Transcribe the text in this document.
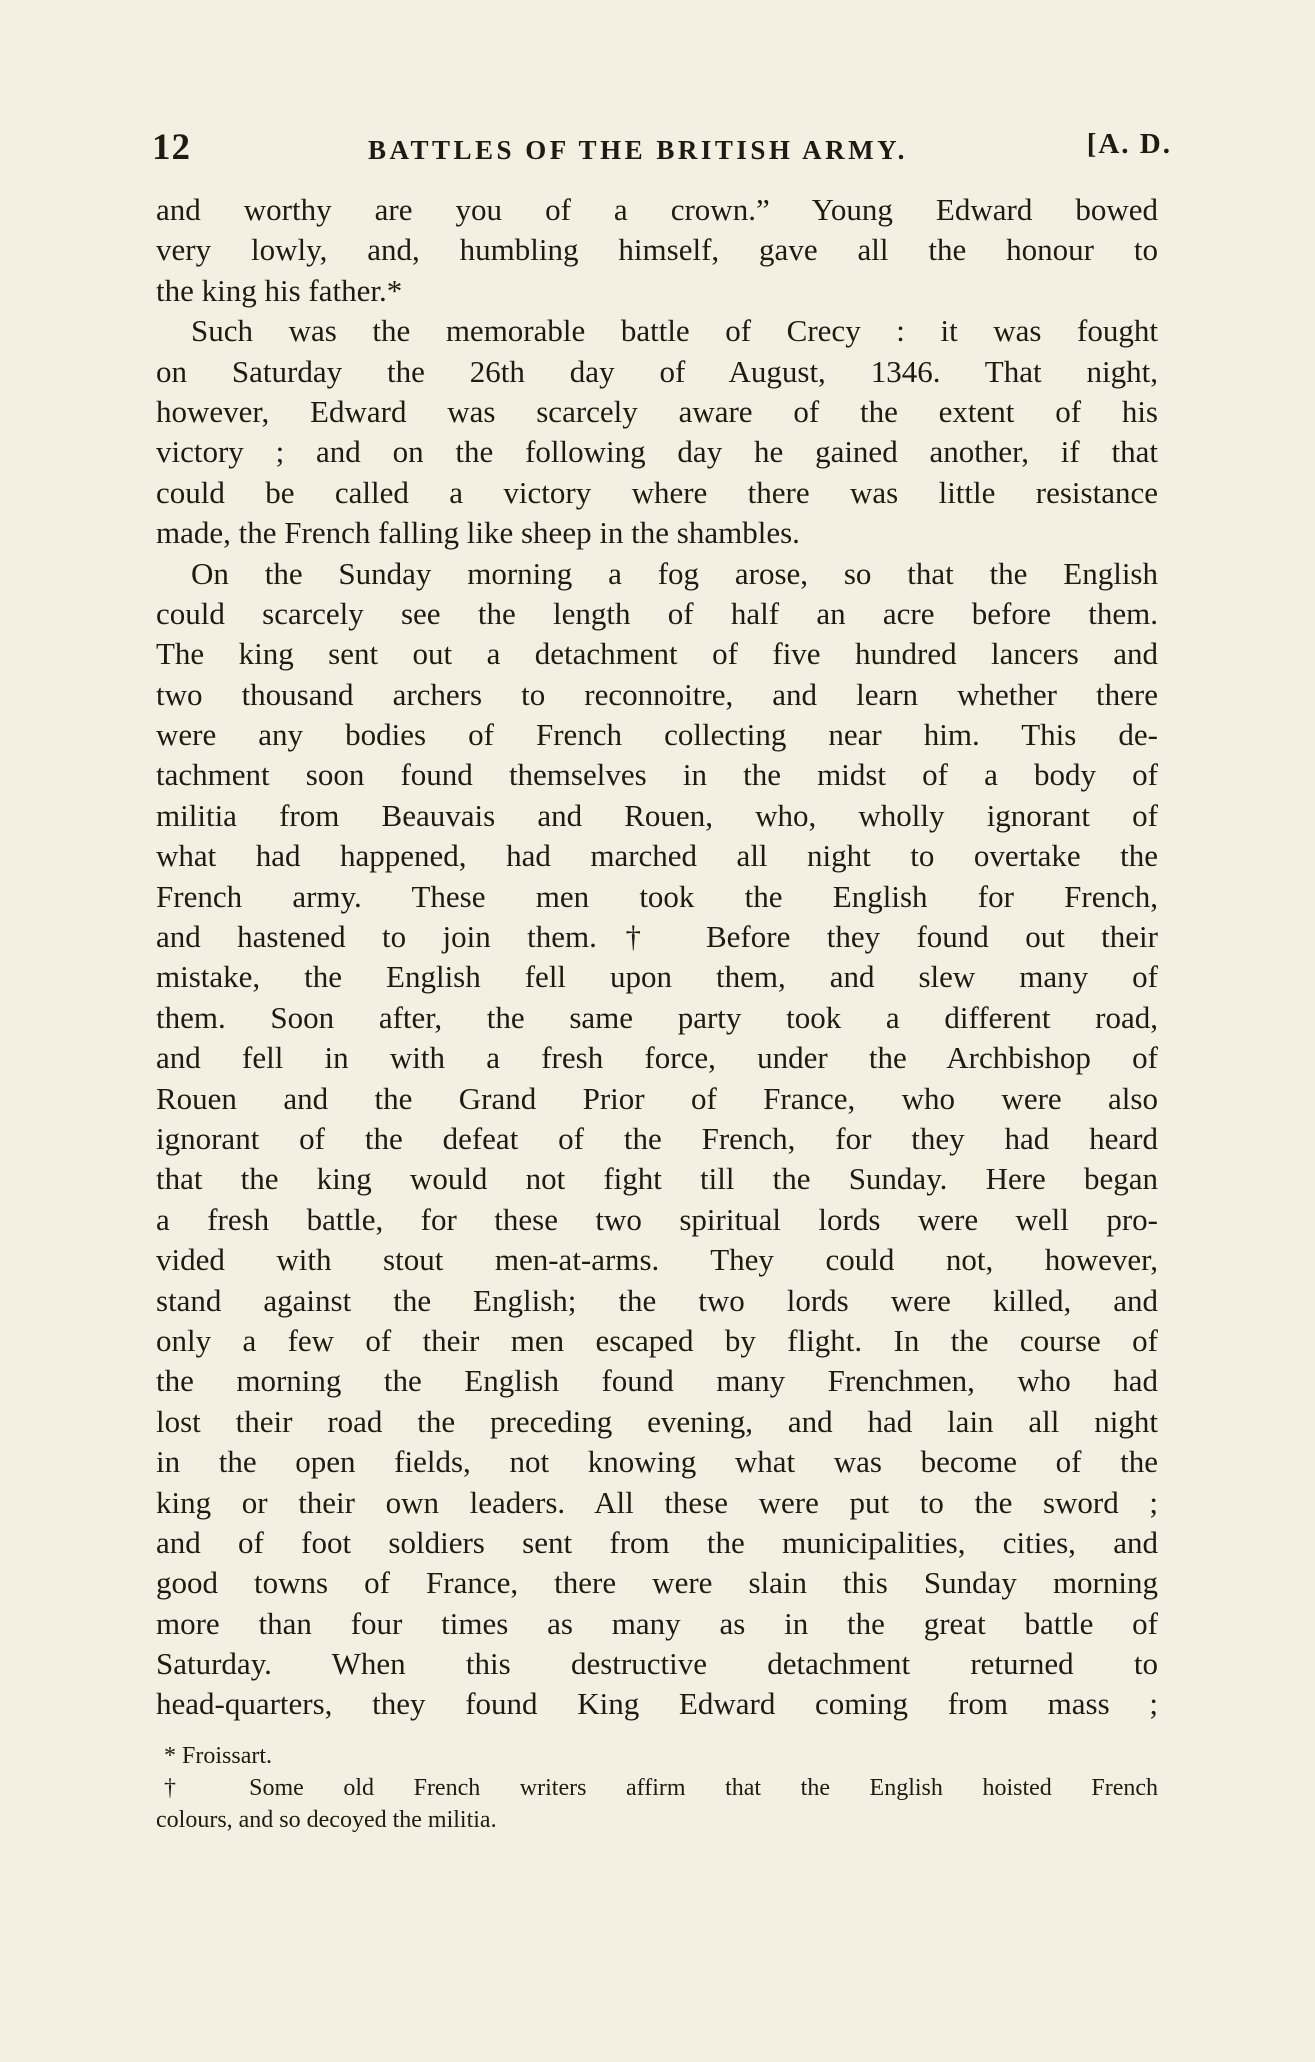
12	BATTLES OF THE BRITISH ARMY.	[A. D.
and worthy are you of a crown.” Young Edward bowed
very lowly, and, humbling himself, gave all the honour to
the king his father.*
Such was the memorable battle of Crecy : it was fought
on Saturday the 26th day of August, 1346. That night,
however, Edward was scarcely aware of the extent of his
victory ; and on the following day he gained another, if that
could be called a victory where there was little resistance
made, the French falling like sheep in the shambles.
On the Sunday morning a fog arose, so that the English
could scarcely see the length of half an acre before them.
The king sent out a detachment of five hundred lancers and
two thousand archers to reconnoitre, and learn whether there
were any bodies of French collecting near him. This de-
tachment soon found themselves in the midst of a body of
militia from Beauvais and Rouen, who, wholly ignorant of
what had happened, had marched all night to overtake the
French army. These men took the English for French,
and hastened to join them.† Before they found out their
mistake, the English fell upon them, and slew many of
them. Soon after, the same party took a different road,
and fell in with a fresh force, under the Archbishop of
Rouen and the Grand Prior of France, who were also
ignorant of the defeat of the French, for they had heard
that the king would not fight till the Sunday. Here began
a fresh battle, for these two spiritual lords were well pro-
vided with stout men-at-arms. They could not, however,
stand against the English; the two lords were killed, and
only a few of their men escaped by flight. In the course of
the morning the English found many Frenchmen, who had
lost their road the preceding evening, and had lain all night
in the open fields, not knowing what was become of the
king or their own leaders. All these were put to the sword ;
and of foot soldiers sent from the municipalities, cities, and
good towns of France, there were slain this Sunday morning
more than four times as many as in the great battle of
Saturday. When this destructive detachment returned to
head-quarters, they found King Edward coming from mass ;
* Froissart.
† Some old French writers affirm that the English hoisted French
colours, and so decoyed the militia.
